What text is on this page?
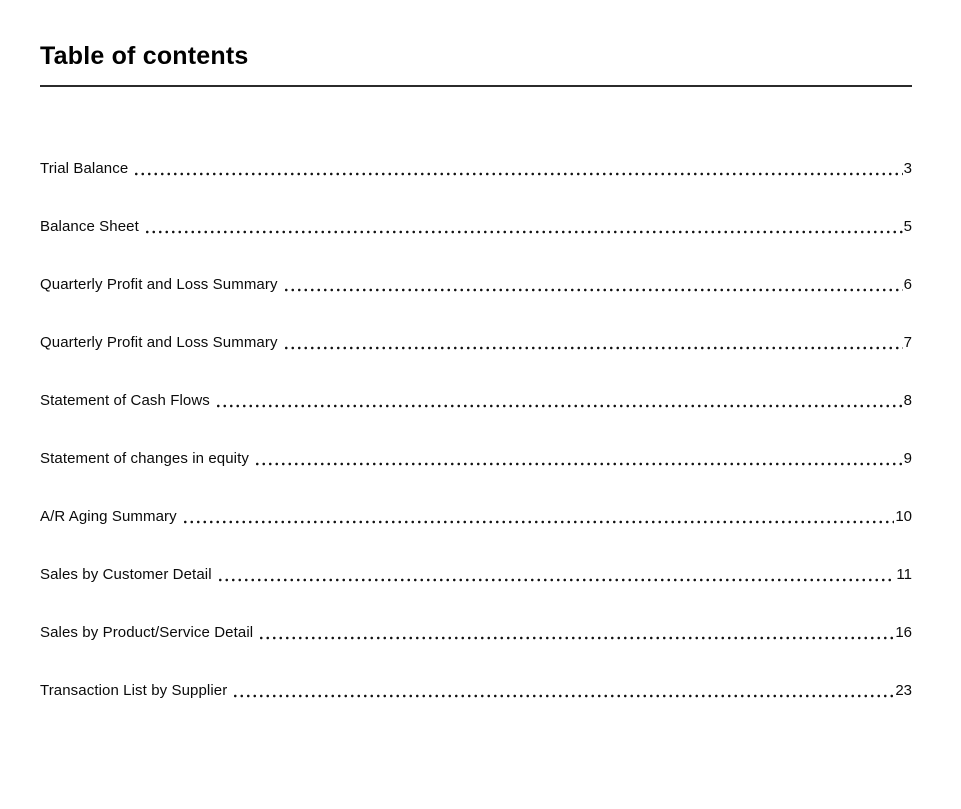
Table of contents
Trial Balance	3
Balance Sheet	5
Quarterly Profit and Loss Summary	6
Quarterly Profit and Loss Summary	7
Statement of Cash Flows	8
Statement of changes in equity	9
A/R Aging Summary	10
Sales by Customer Detail	11
Sales by Product/Service Detail	16
Transaction List by Supplier	23
